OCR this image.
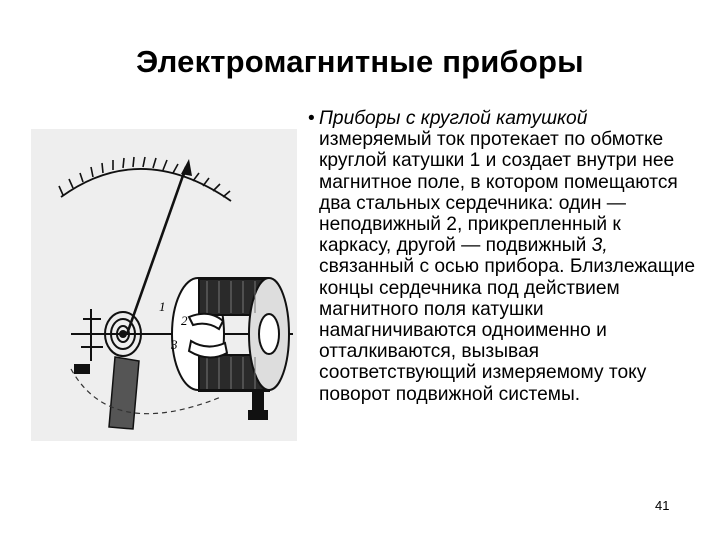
Электромагнитные приборы
1
2
3
• Приборы с круглой катушкой измеряемый ток протекает по обмотке круглой катушки 1 и создает внутри нее магнитное поле, в котором помещаются два стальных сердечника: один — неподвижный 2, прикрепленный к каркасу, другой — подвижный 3, связанный с осью прибора. Близлежащие концы сердечника под действием магнитного поля катушки намагничиваются одноименно и отталкиваются, вызывая соответствующий измеряемому току поворот подвижной системы.
41
